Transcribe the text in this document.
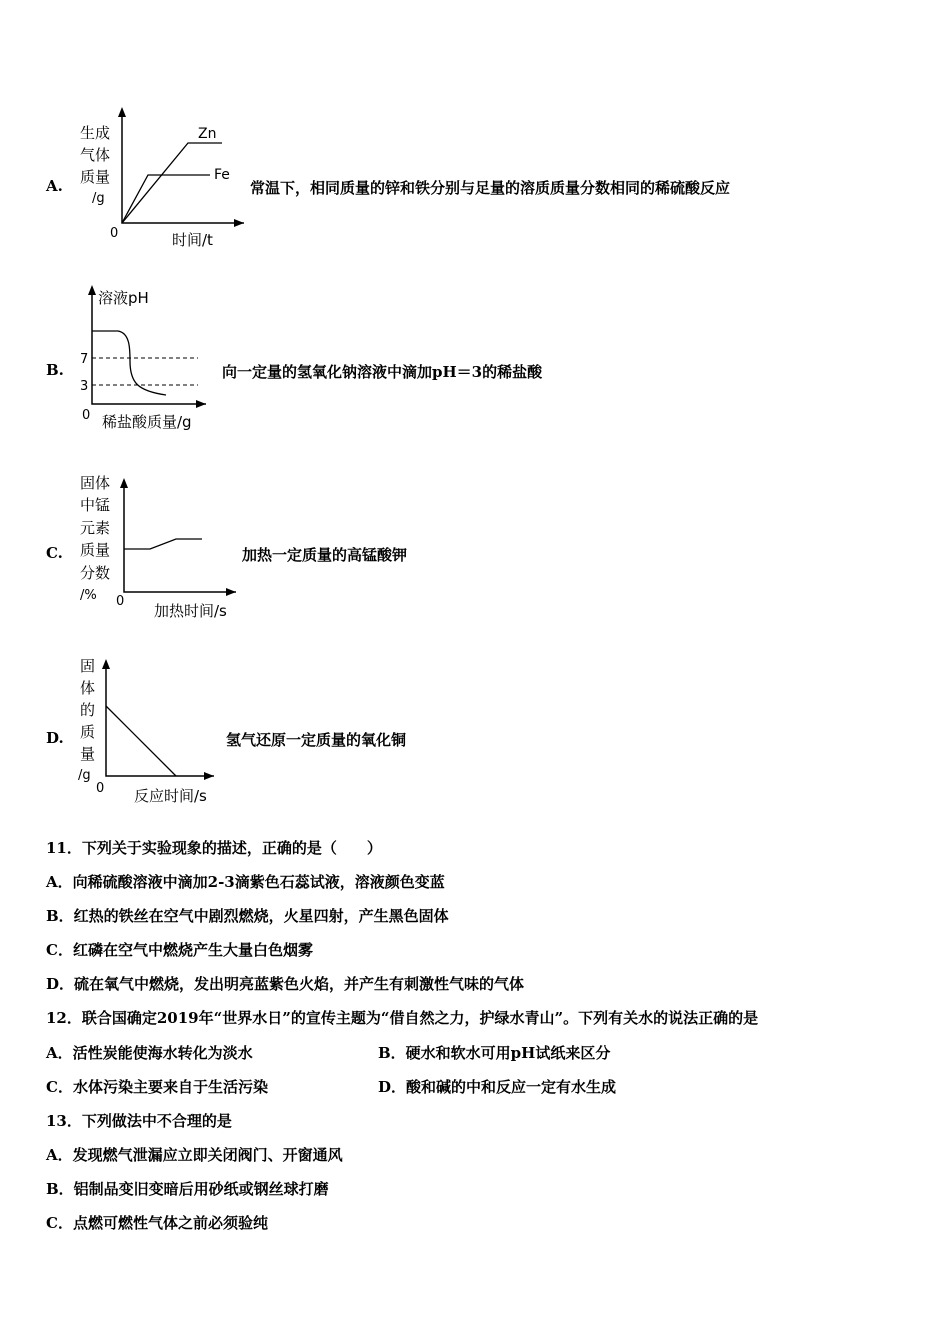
A.
生成
气体
质量
/g
Zn
Fe
0	时间/t
常温下，相同质量的锌和铁分别与足量的溶质质量分数相同的稀硫酸反应
B.
溶液pH
7
3
0 稀盐酸质量/g
向一定量的氢氧化钠溶液中滴加pH＝3的稀盐酸
C.
固体
中锰
元素
质量
分数
/% 0
加热时间/s
加热一定质量的高锰酸钾
D.
固
体
的
质
量
/g
0 反应时间/s
氢气还原一定质量的氧化铜
11．下列关于实验现象的描述，正确的是（　　）
A．向稀硫酸溶液中滴加2-3滴紫色石蕊试液，溶液颜色变蓝
B．红热的铁丝在空气中剧烈燃烧，火星四射，产生黑色固体
C．红磷在空气中燃烧产生大量白色烟雾
D．硫在氧气中燃烧，发出明亮蓝紫色火焰，并产生有刺激性气味的气体
12．联合国确定2019年“世界水日”的宣传主题为“借自然之力，护绿水青山”。下列有关水的说法正确的是
A．活性炭能使海水转化为淡水	B．硬水和软水可用pH试纸来区分
C．水体污染主要来自于生活污染	D．酸和碱的中和反应一定有水生成
13．下列做法中不合理的是
A．发现燃气泄漏应立即关闭阀门、开窗通风
B．铝制品变旧变暗后用砂纸或钢丝球打磨
C．点燃可燃性气体之前必须验纯
